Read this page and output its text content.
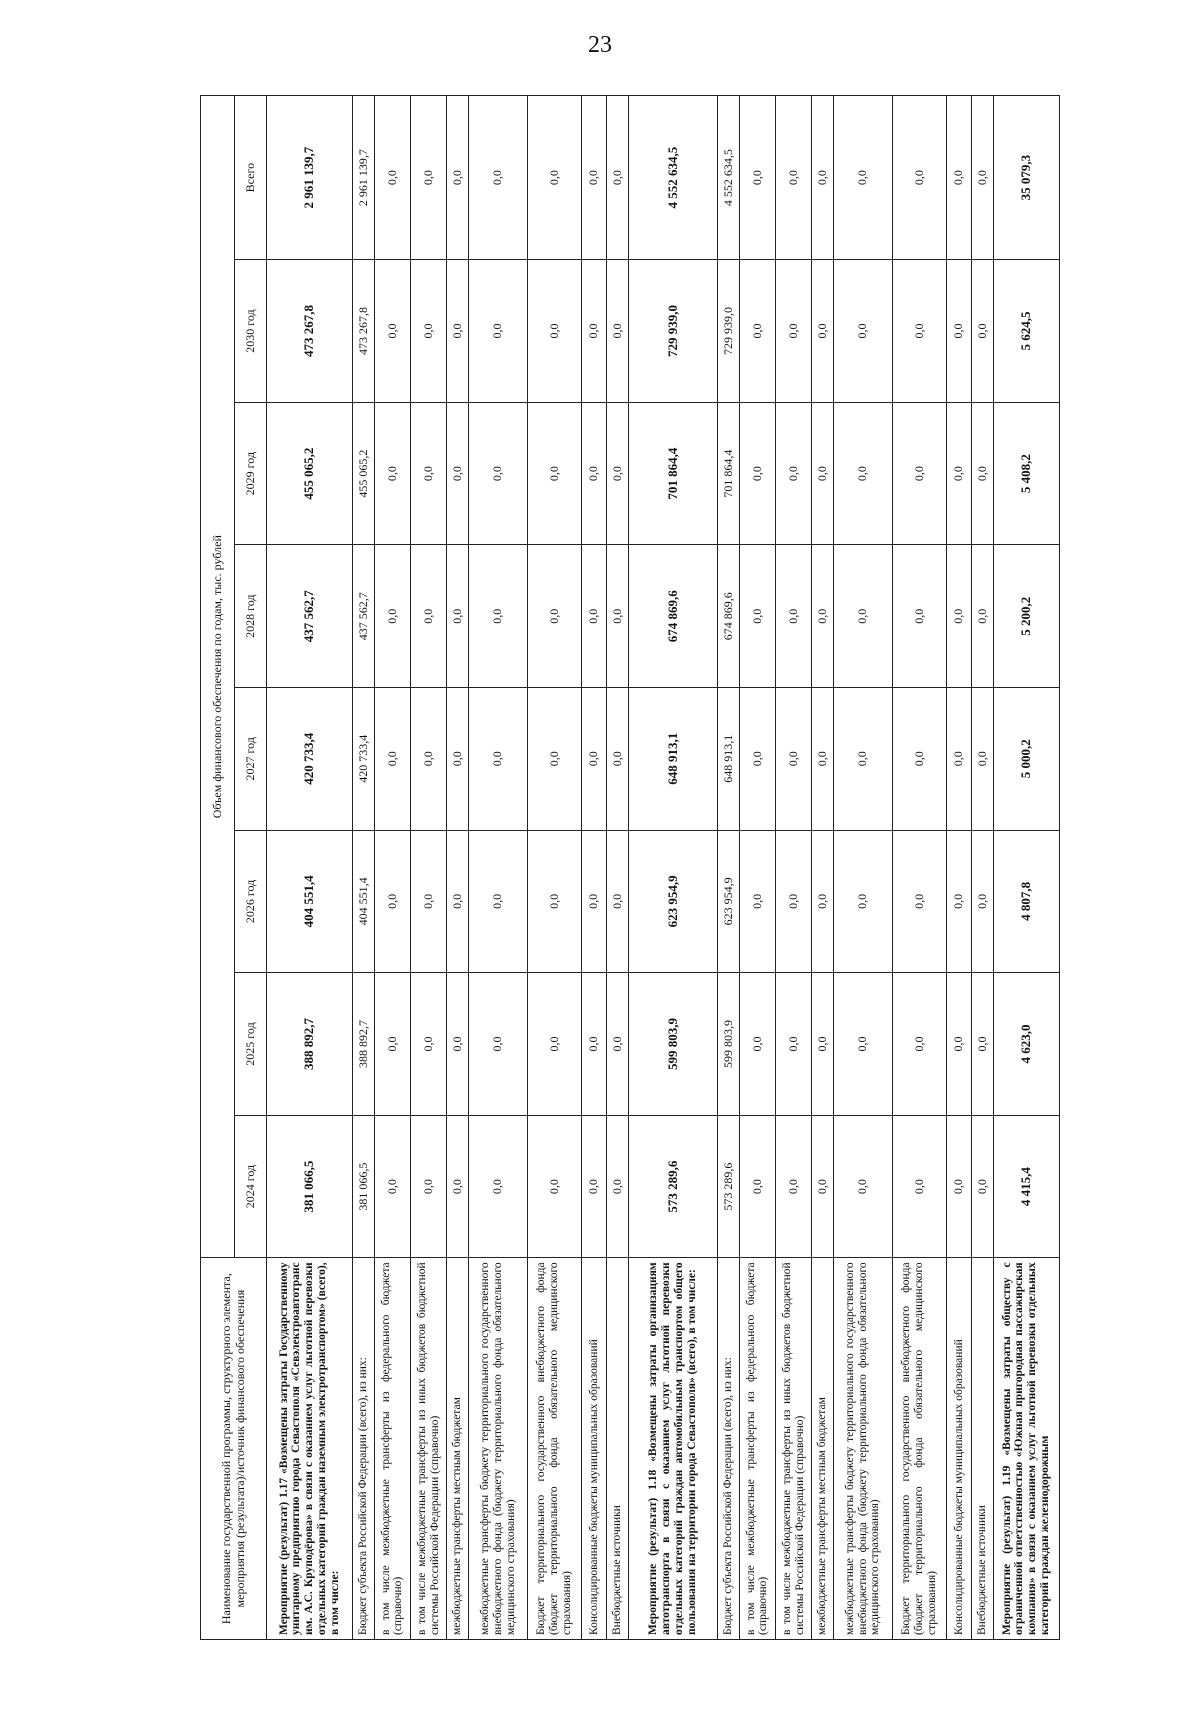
23
Наименование государственной программы, структурного элемента, мероприятия (результата)/источник финансового обеспечения	Объем финансового обеспечения по годам, тыс. рублей							
	2024 год	2025 год	2026 год	2027 год	2028 год	2029 год	2030 год	Всего

Мероприятие (результат) 1.17 «Возмещены затраты Государственному унитарному предприятию города Севастополя «Севэлектроавтотранс им. А.С. Круподёрова» в связи с оказанием услуг льготной перевозки отдельных категорий граждан наземным электротранспортом» (всего), в том числе:	381 066,5	388 892,7	404 551,4	420 733,4	437 562,7	455 065,2	473 267,8	2 961 139,7

Бюджет субъекта Российской Федерации (всего), из них:	381 066,5	388 892,7	404 551,4	420 733,4	437 562,7	455 065,2	473 267,8	2 961 139,7

в том числе межбюджетные трансферты из федерального бюджета (справочно)	0,0	0,0	0,0	0,0	0,0	0,0	0,0	0,0

в том числе межбюджетные трансферты из иных бюджетов бюджетной системы Российской Федерации (справочно)	0,0	0,0	0,0	0,0	0,0	0,0	0,0	0,0

межбюджетные трансферты местным бюджетам	0,0	0,0	0,0	0,0	0,0	0,0	0,0	0,0

межбюджетные трансферты бюджету территориального государственного внебюджетного фонда (бюджету территориального фонда обязательного медицинского страхования)	0,0	0,0	0,0	0,0	0,0	0,0	0,0	0,0

Бюджет территориального государственного внебюджетного фонда (бюджет территориального фонда обязательного медицинского страхования)	0,0	0,0	0,0	0,0	0,0	0,0	0,0	0,0

Консолидированные бюджеты муниципальных образований	0,0	0,0	0,0	0,0	0,0	0,0	0,0	0,0

Внебюджетные источники	0,0	0,0	0,0	0,0	0,0	0,0	0,0	0,0

Мероприятие (результат) 1.18 «Возмещены затраты организациям автотранспорта в связи с оказанием услуг льготной перевозки отдельных категорий граждан автомобильным транспортом общего пользования на территории города Севастополя» (всего), в том числе:	573 289,6	599 803,9	623 954,9	648 913,1	674 869,6	701 864,4	729 939,0	4 552 634,5

Бюджет субъекта Российской Федерации (всего), из них:	573 289,6	599 803,9	623 954,9	648 913,1	674 869,6	701 864,4	729 939,0	4 552 634,5

в том числе межбюджетные трансферты из федерального бюджета (справочно)	0,0	0,0	0,0	0,0	0,0	0,0	0,0	0,0

в том числе межбюджетные трансферты из иных бюджетов бюджетной системы Российской Федерации (справочно)	0,0	0,0	0,0	0,0	0,0	0,0	0,0	0,0

межбюджетные трансферты местным бюджетам	0,0	0,0	0,0	0,0	0,0	0,0	0,0	0,0

межбюджетные трансферты бюджету территориального государственного внебюджетного фонда (бюджету территориального фонда обязательного медицинского страхования)	0,0	0,0	0,0	0,0	0,0	0,0	0,0	0,0

Бюджет территориального государственного внебюджетного фонда (бюджет территориального фонда обязательного медицинского страхования)	0,0	0,0	0,0	0,0	0,0	0,0	0,0	0,0

Консолидированные бюджеты муниципальных образований	0,0	0,0	0,0	0,0	0,0	0,0	0,0	0,0

Внебюджетные источники	0,0	0,0	0,0	0,0	0,0	0,0	0,0	0,0

Мероприятие (результат) 1.19 «Возмещены затраты обществу с ограниченной ответственностью «Южная пригородная пассажирская компания» в связи с оказанием услуг льготной перевозки отдельных категорий граждан железнодорожным	4 415,4	4 623,0	4 807,8	5 000,2	5 200,2	5 408,2	5 624,5	35 079,3
